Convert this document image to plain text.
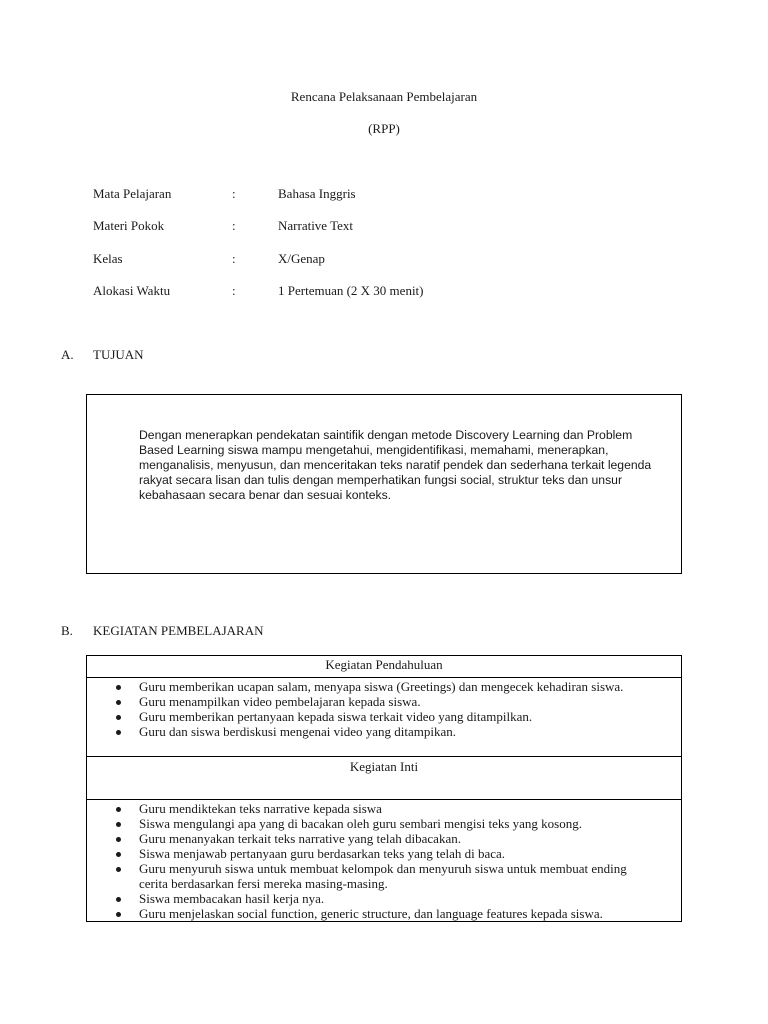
Rencana Pelaksanaan Pembelajaran
(RPP)
Mata Pelajaran	:	Bahasa Inggris
Materi Pokok	:	Narrative Text
Kelas	:	X/Genap
Alokasi Waktu	:	1 Pertemuan (2 X 30 menit)
A. TUJUAN
Dengan menerapkan pendekatan saintifik dengan metode Discovery Learning dan Problem
Based Learning siswa mampu mengetahui, mengidentifikasi, memahami, menerapkan,
menganalisis, menyusun, dan menceritakan teks naratif pendek dan sederhana terkait legenda
rakyat secara lisan dan tulis dengan memperhatikan fungsi social, struktur teks dan unsur
kebahasaan secara benar dan sesuai konteks.
B. KEGIATAN PEMBELAJARAN
Kegiatan Pendahuluan

Guru memberikan ucapan salam, menyapa siswa (Greetings) dan mengecek kehadiran siswa.
Guru menampilkan video pembelajaran kepada siswa.
Guru memberikan pertanyaan kepada siswa terkait video yang ditampilkan.
Guru dan siswa berdiskusi mengenai video yang ditampikan.

Kegiatan Inti

Guru mendiktekan teks narrative kepada siswa
Siswa mengulangi apa yang di bacakan oleh guru sembari mengisi teks yang kosong.
Guru menanyakan terkait teks narrative yang telah dibacakan.
Siswa menjawab pertanyaan guru berdasarkan teks yang telah di baca.
Guru menyuruh siswa untuk membuat kelompok dan menyuruh siswa untuk membuat ending
cerita berdasarkan fersi mereka masing-masing.
Siswa membacakan hasil kerja nya.
Guru menjelaskan social function, generic structure, dan language features kepada siswa.
